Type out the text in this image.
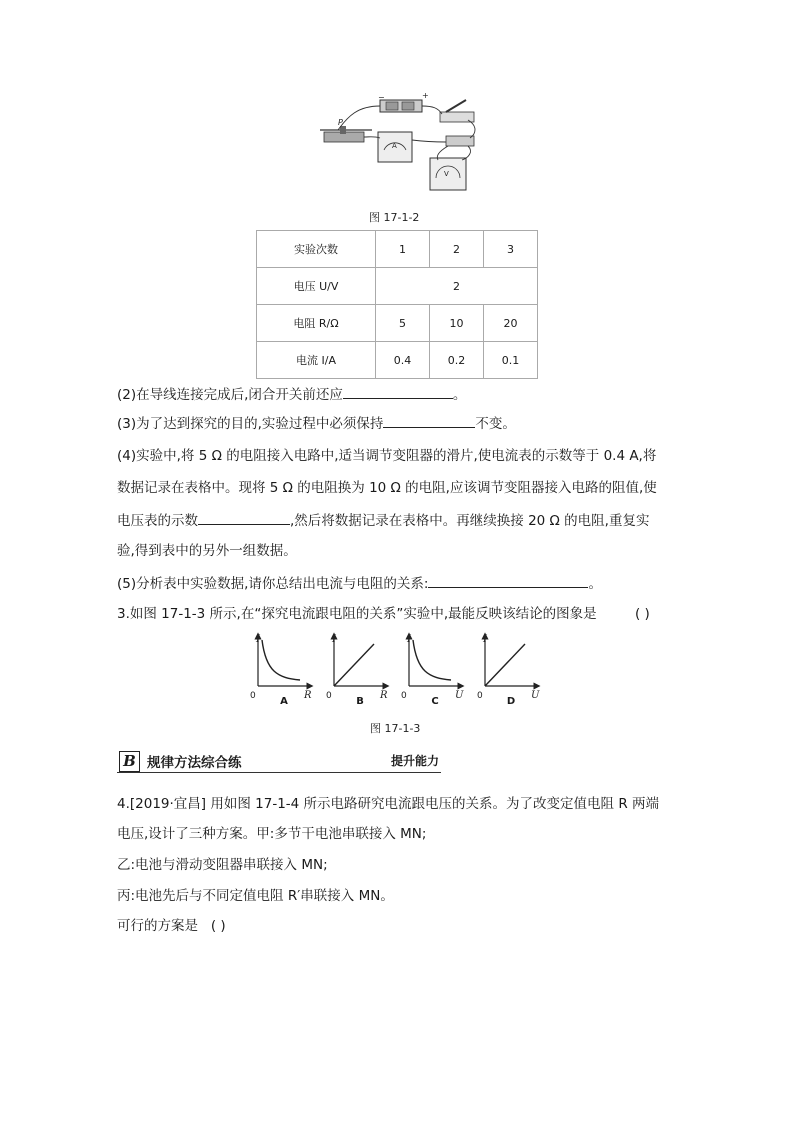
−	+
P
A
V
图 17-1-2
实验次数	1	2	3
电压 U/V	2		
电阻 R/Ω	5	10	20
电流 I/A	0.4	0.2	0.1
(2)在导线连接完成后,闭合开关前还应	。
(3)为了达到探究的目的,实验过程中必须保持	不变。
(4)实验中,将 5 Ω 的电阻接入电路中,适当调节变阻器的滑片,使电流表的示数等于 0.4 A,将
数据记录在表格中。现将 5 Ω 的电阻换为 10 Ω 的电阻,应该调节变阻器接入电路的阻值,使
电压表的示数	,然后将数据记录在表格中。再继续换接 20 Ω 的电阻,重复实
验,得到表中的另外一组数据。
(5)分析表中实验数据,请你总结出电流与电阻的关系:	。
3.如图 17-1-3 所示,在“探究电流跟电阻的关系”实验中,最能反映该结论的图象是	( )
I
R
0
I
R
0
I
U
0
I
U
0
A	B	C	D
图 17-1-3
B 规律方法综合练	提升能力
4.[2019·宜昌] 用如图 17-1-4 所示电路研究电流跟电压的关系。为了改变定值电阻 R 两端
电压,设计了三种方案。甲:多节干电池串联接入 MN;
乙:电池与滑动变阻器串联接入 MN;
丙:电池先后与不同定值电阻 R′串联接入 MN。
可行的方案是 ( )
